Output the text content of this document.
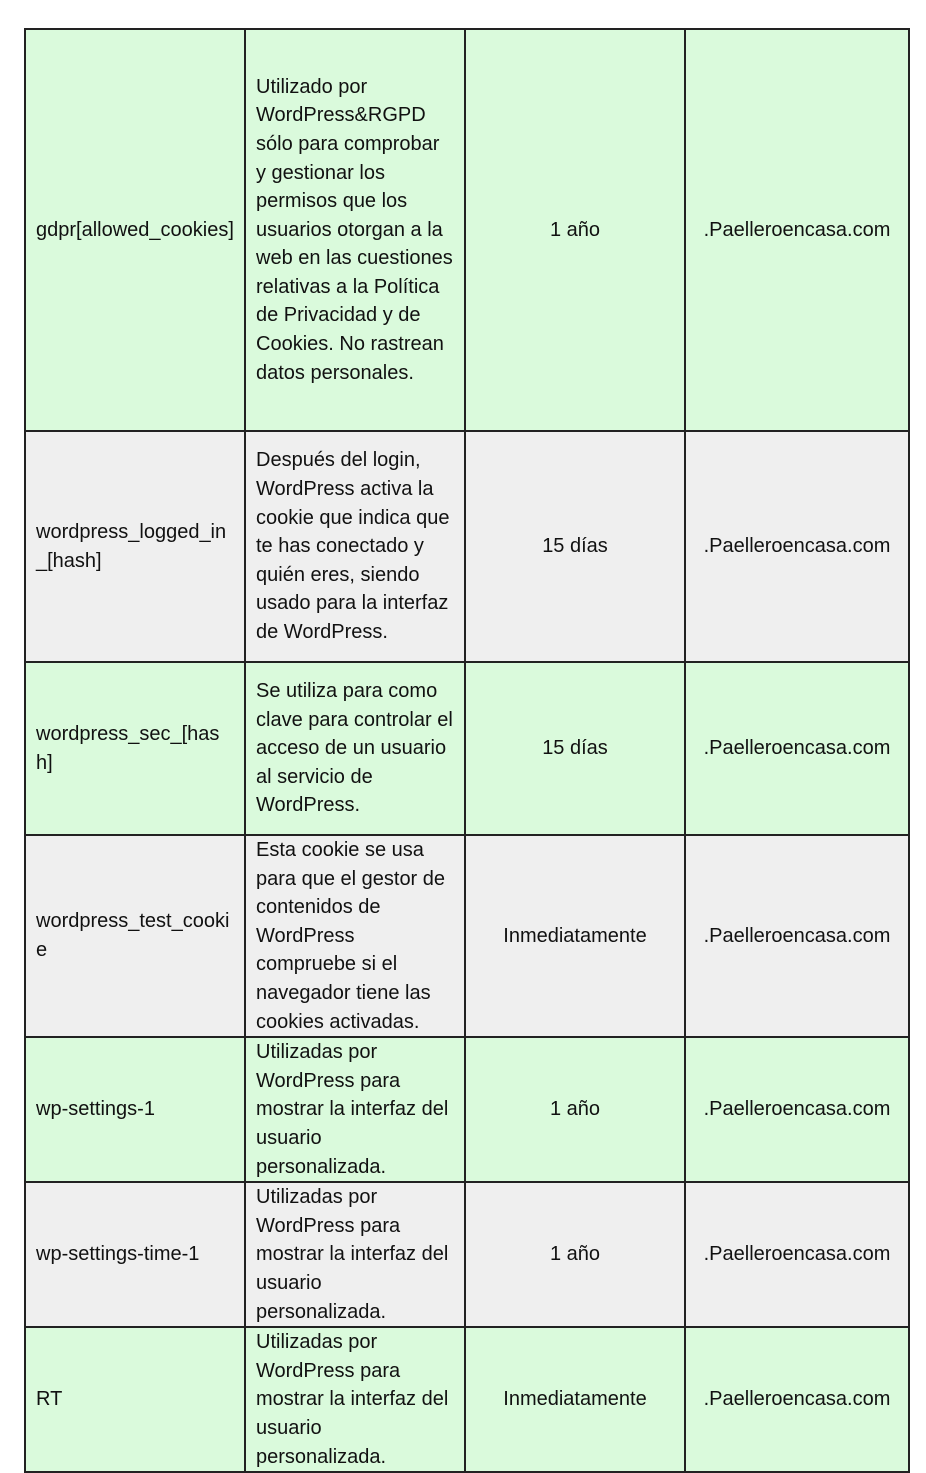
gdpr[allowed_cookies]	Utilizado por WordPress&RGPD sólo para comprobar y gestionar los permisos que los usuarios otorgan a la web en las cuestiones relativas a la Política de Privacidad y de Cookies. No rastrean datos personales.	1 año	.Paelleroencasa.com
wordpress_logged_in_[hash]	Después del login, WordPress activa la cookie que indica que te has conectado y quién eres, siendo usado para la interfaz de WordPress.	15 días	.Paelleroencasa.com
wordpress_sec_[hash]	Se utiliza para como clave para controlar el acceso de un usuario al servicio de WordPress.	15 días	.Paelleroencasa.com
wordpress_test_cookie	Esta cookie se usa para que el gestor de contenidos de WordPress compruebe si el navegador tiene las cookies activadas.	Inmediatamente	.Paelleroencasa.com
wp-settings-1	Utilizadas por WordPress para mostrar la interfaz del usuario personalizada.	1 año	.Paelleroencasa.com
wp-settings-time-1	Utilizadas por WordPress para mostrar la interfaz del usuario personalizada.	1 año	.Paelleroencasa.com
RT	Utilizadas por WordPress para mostrar la interfaz del usuario personalizada.	Inmediatamente	.Paelleroencasa.com
